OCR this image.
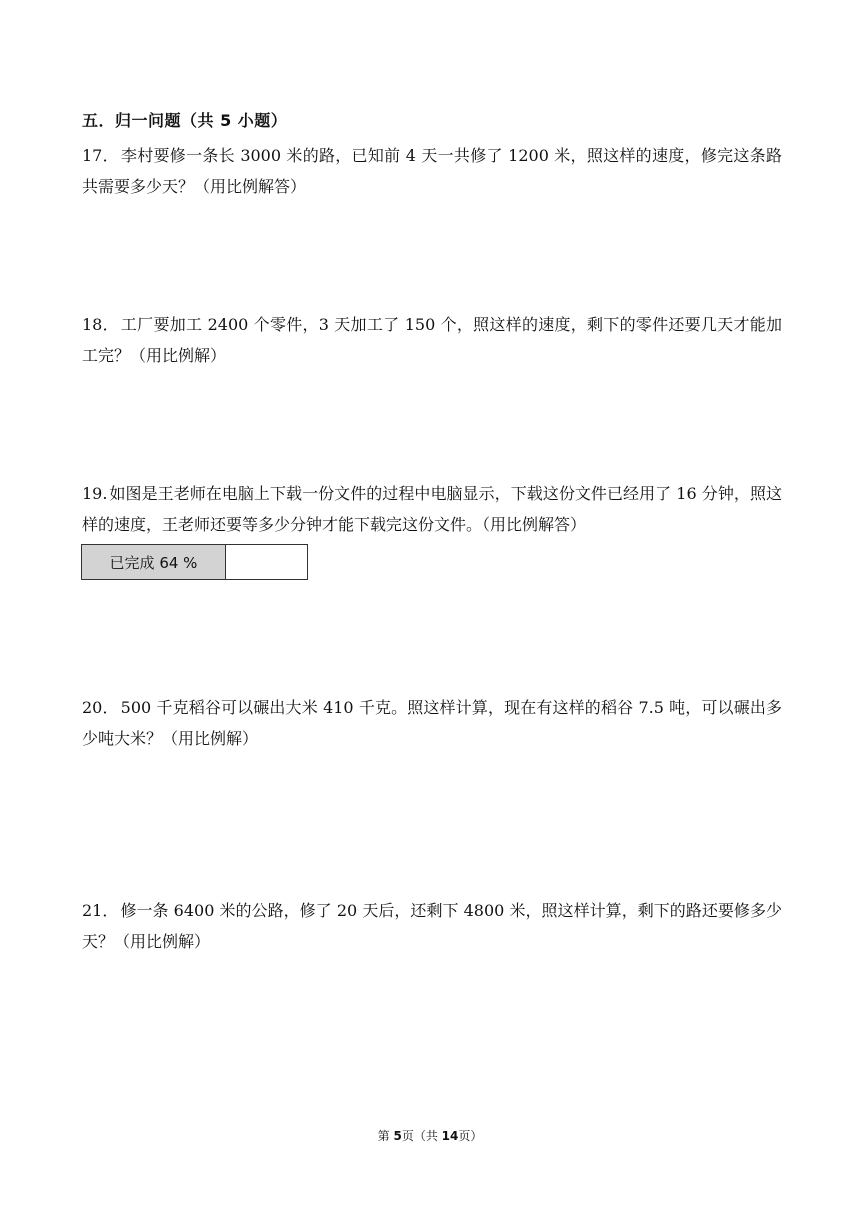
五．归一问题（共 5 小题）
17． 李村要修一条长 3000 米的路，已知前 4 天一共修了 1200 米，照这样的速度，修完这条路共需要多少天？（用比例解答）
18． 工厂要加工 2400 个零件，3 天加工了 150 个，照这样的速度，剩下的零件还要几天才能加工完？（用比例解）
19. 如图是王老师在电脑上下载一份文件的过程中电脑显示，下载这份文件已经用了 16 分钟，照这样的速度，王老师还要等多少分钟才能下载完这份文件。（用比例解答）
已完成 64 %
20． 500 千克稻谷可以碾出大米 410 千克。照这样计算，现在有这样的稻谷 7.5 吨，可以碾出多少吨大米？（用比例解）
21． 修一条 6400 米的公路，修了 20 天后，还剩下 4800 米，照这样计算，剩下的路还要修多少天？（用比例解）
第 5页（共 14页）
